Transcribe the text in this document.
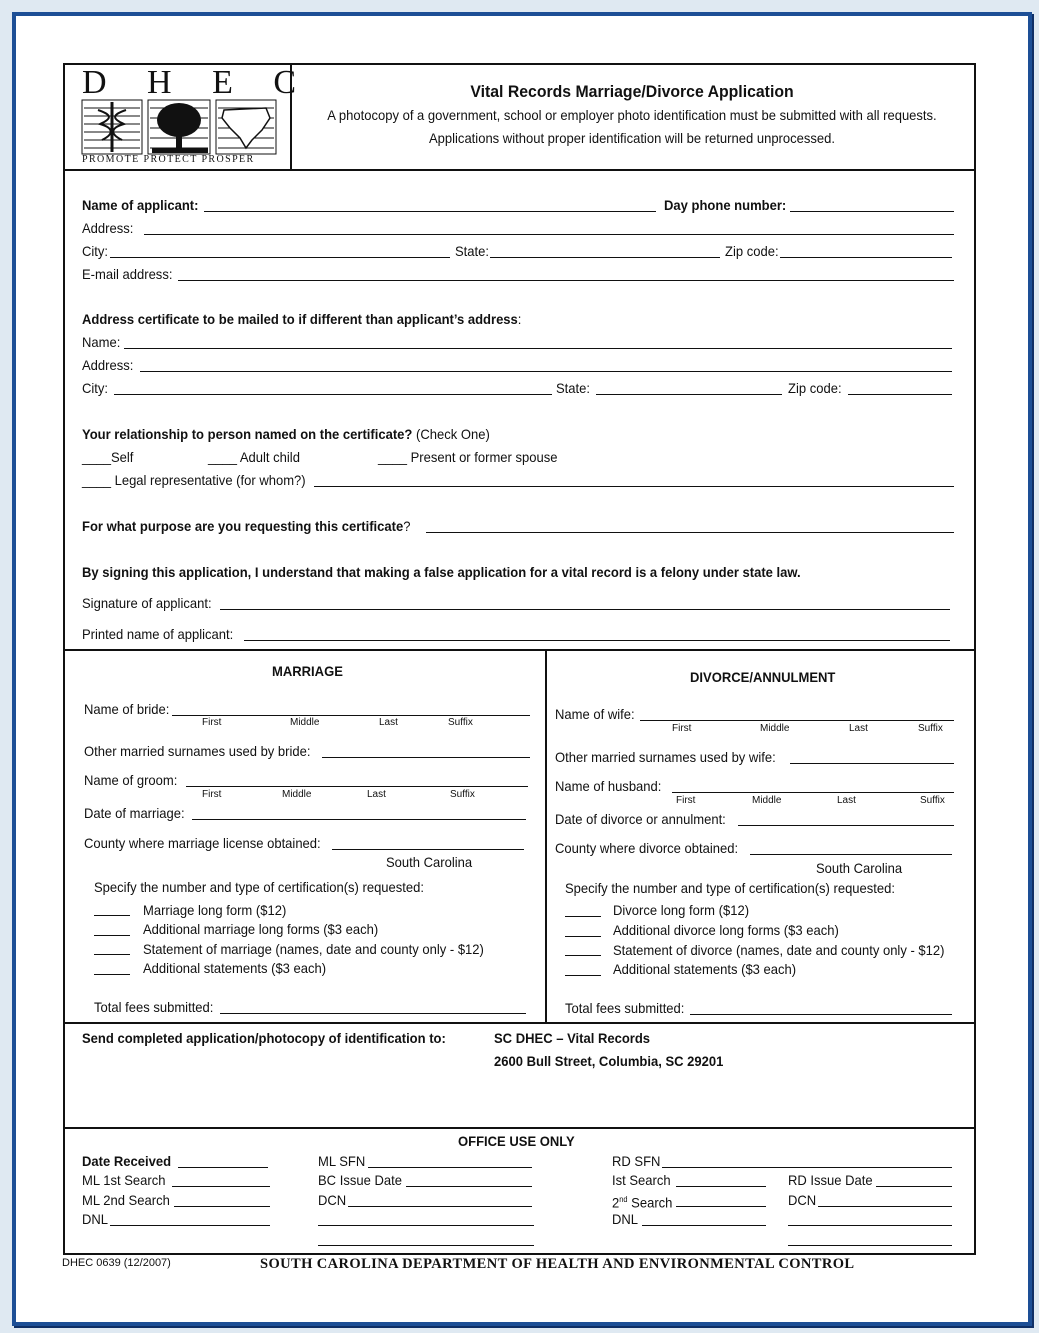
D H E C
PROMOTE PROTECT PROSPER
Vital Records Marriage/Divorce Application
A photocopy of a government, school or employer photo identification must be submitted with all requests.
Applications without proper identification will be returned unprocessed.
Name of applicant:	Day phone number:
Address:
City:	State:	Zip code:
E-mail address:
Address certificate to be mailed to if different than applicant’s address:
Name:
Address:
City:	State:	Zip code:
Your relationship to person named on the certificate? (Check One)
____Self	____ Adult child	____ Present or former spouse
____ Legal representative (for whom?)
For what purpose are you requesting this certificate?
By signing this application, I understand that making a false application for a vital record is a felony under state law.
Signature of applicant:
Printed name of applicant:
MARRIAGE
Name of bride:
First	Middle	Last	Suffix
Other married surnames used by bride:
Name of groom:
First	Middle	Last	Suffix
Date of marriage:
County where marriage license obtained:
South Carolina
Specify the number and type of certification(s) requested:
Marriage long form ($12)
Additional marriage long forms ($3 each)
Statement of marriage (names, date and county only - $12)
Additional statements ($3 each)
Total fees submitted:
DIVORCE/ANNULMENT
Name of wife:
First	Middle	Last	Suffix
Other married surnames used by wife:
Name of husband:
First	Middle	Last	Suffix
Date of divorce or annulment:
County where divorce obtained:
South Carolina
Specify the number and type of certification(s) requested:
Divorce long form ($12)
Additional divorce long forms ($3 each)
Statement of divorce (names, date and county only - $12)
Additional statements ($3 each)
Total fees submitted:
Send completed application/photocopy of identification to:	SC DHEC – Vital Records
2600 Bull Street, Columbia, SC 29201
OFFICE USE ONLY
Date Received
ML 1st Search
ML 2nd Search
DNL
ML SFN
BC Issue Date
DCN
RD SFN
Ist Search
2nd Search
DNL
RD Issue Date
DCN
DHEC 0639 (12/2007)	SOUTH CAROLINA DEPARTMENT OF HEALTH AND ENVIRONMENTAL CONTROL
